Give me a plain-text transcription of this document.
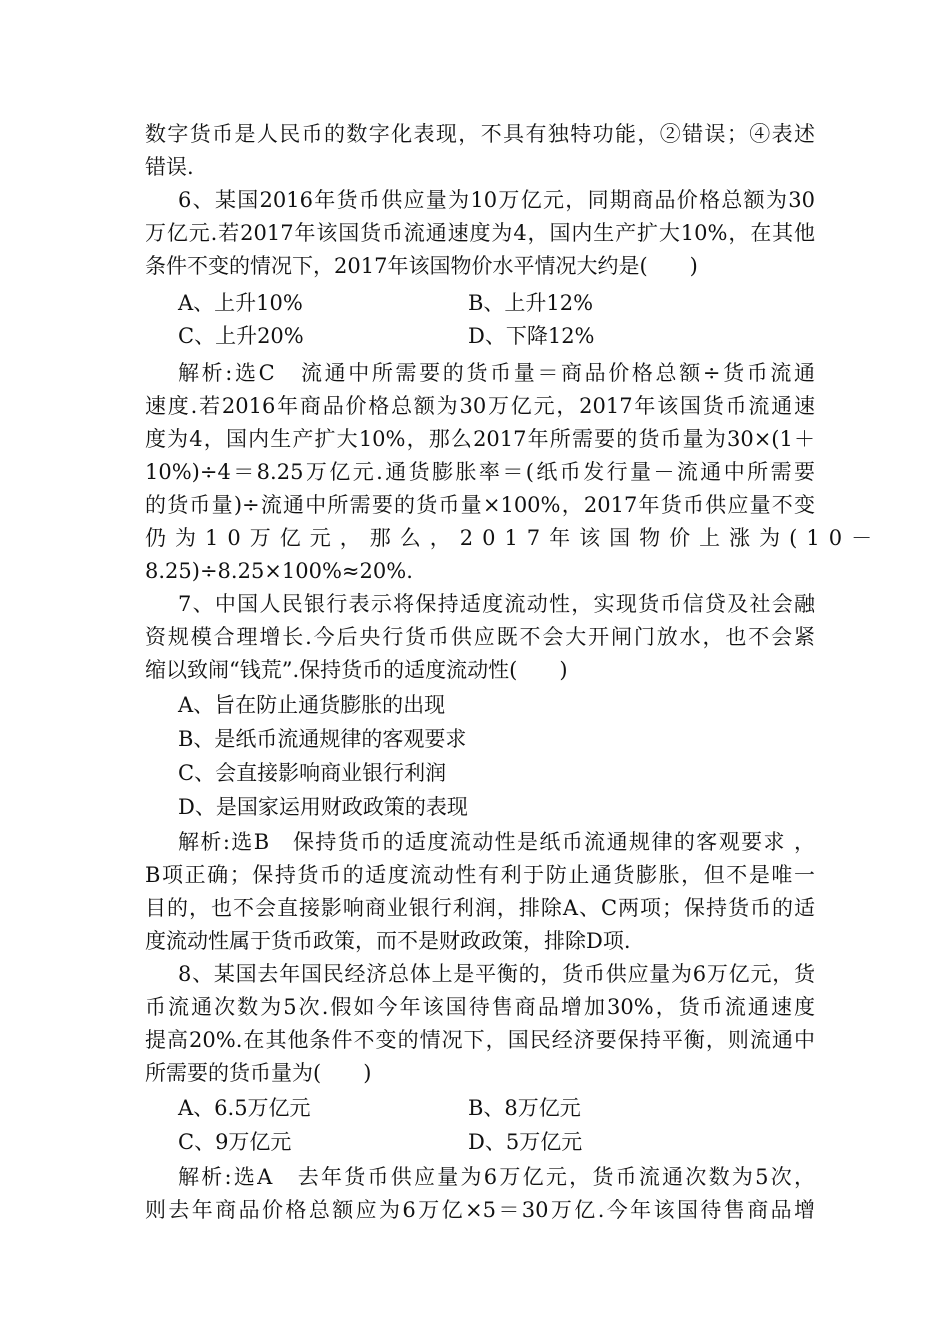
数字货币是人民币的数字化表现，不具有独特功能，②错误；④表述
错误.
6、某国2016年货币供应量为10万亿元，同期商品价格总额为30
万亿元.若2017年该国货币流通速度为4，国内生产扩大10%，在其他
条件不变的情况下，2017年该国物价水平情况大约是(　　)
A、上升10%	B、上升12%
C、上升20%	D、下降12%
解析:选C　流通中所需要的货币量＝商品价格总额÷货币流通
速度.若2016年商品价格总额为30万亿元，2017年该国货币流通速
度为4，国内生产扩大10%，那么2017年所需要的货币量为30×(1＋
10%)÷4＝8.25万亿元.通货膨胀率＝(纸币发行量－流通中所需要
的货币量)÷流通中所需要的货币量×100%，2017年货币供应量不变
仍为10万亿元，那么，2017年该国物价上涨为(10－
8.25)÷8.25×100%≈20%.
7、中国人民银行表示将保持适度流动性，实现货币信贷及社会融
资规模合理增长.今后央行货币供应既不会大开闸门放水，也不会紧
缩以致闹“钱荒”.保持货币的适度流动性(　　)
A、旨在防止通货膨胀的出现
B、是纸币流通规律的客观要求
C、会直接影响商业银行利润
D、是国家运用财政政策的表现
解析:选B　保持货币的适度流动性是纸币流通规律的客观要求 ，
B项正确；保持货币的适度流动性有利于防止通货膨胀，但不是唯一
目的，也不会直接影响商业银行利润，排除A、C两项；保持货币的适
度流动性属于货币政策，而不是财政政策，排除D项.
8、某国去年国民经济总体上是平衡的，货币供应量为6万亿元，货
币流通次数为5次.假如今年该国待售商品增加30%，货币流通速度
提高20%.在其他条件不变的情况下，国民经济要保持平衡，则流通中
所需要的货币量为(　　)
A、6.5万亿元	B、8万亿元
C、9万亿元	D、5万亿元
解析:选A　去年货币供应量为6万亿元，货币流通次数为5次，
则去年商品价格总额应为6万亿×5＝30万亿.今年该国待售商品增
